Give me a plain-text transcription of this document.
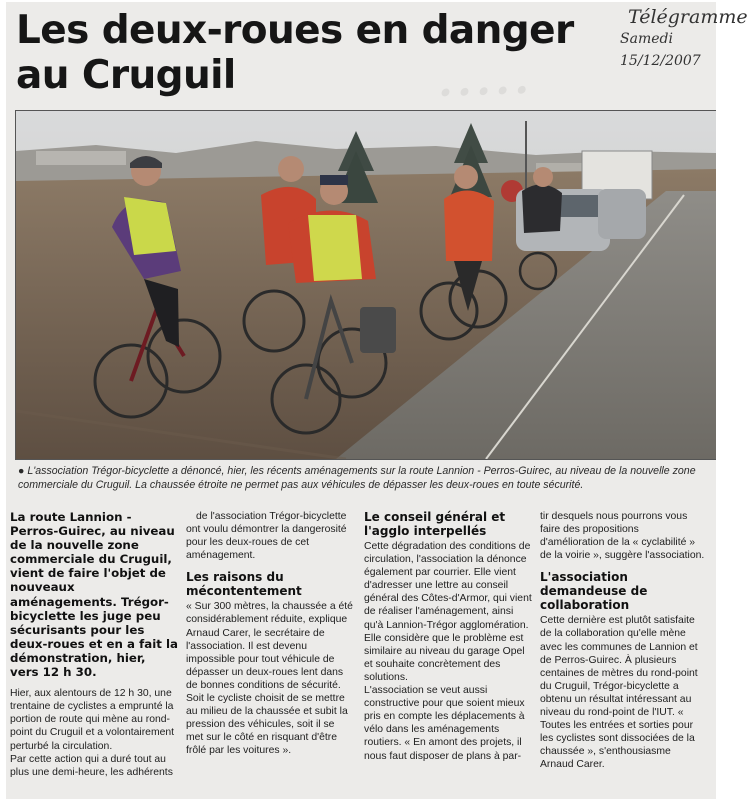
·····
Les deux-roues en danger
au Cruguil
● L'association Trégor-bicyclette a dénoncé, hier, les récents aménagements sur la route Lannion - Perros-Guirec, au niveau de la nouvelle zone commerciale du Cruguil. La chaussée étroite ne permet pas aux véhicules de dépasser les deux-roues en toute sécurité.

La route Lannion - Perros-Guirec, au niveau de la nouvelle zone commerciale du Cruguil, vient de faire l'objet de nouveaux aménagements. Trégor-bicyclette les juge peu sécurisants pour les deux-roues et en a fait la démonstration, hier, vers 12 h 30.

Hier, aux alentours de 12 h 30, une trentaine de cyclistes a emprunté la portion de route qui mène au rond-point du Cruguil et a volontairement perturbé la circulation.

Par cette action qui a duré tout au plus une demi-heure, les adhérents

de l'association Trégor-bicyclette ont voulu démontrer la dangerosité pour les deux-roues de cet aménagement.

Les raisons du mécontentement

« Sur 300 mètres, la chaussée a été considérablement réduite, explique Arnaud Carer, le secrétaire de l'association. Il est devenu impossible pour tout véhicule de dépasser un deux-roues lent dans de bonnes conditions de sécurité. Soit le cycliste choisit de se mettre au milieu de la chaussée et subit la pression des véhicules, soit il se met sur le côté en risquant d'être frôlé par les voitures ».

Le conseil général et l'agglo interpellés

Cette dégradation des conditions de circulation, l'association la dénonce également par courrier. Elle vient d'adresser une lettre au conseil général des Côtes-d'Armor, qui vient de réaliser l'aménagement, ainsi qu'à Lannion-Trégor agglomération. Elle considère que le problème est similaire au niveau du garage Opel et souhaite concrètement des solutions.

L'association se veut aussi constructive pour que soient mieux pris en compte les déplacements à vélo dans les aménagements routiers. « En amont des projets, il nous faut disposer de plans à par-

tir desquels nous pourrons vous faire des propositions d'amélioration de la « cyclabilité » de la voirie », suggère l'association.

L'association demandeuse de collaboration

Cette dernière est plutôt satisfaite de la collaboration qu'elle mène avec les communes de Lannion et de Perros-Guirec. À plusieurs centaines de mètres du rond-point du Cruguil, Trégor-bicyclette a obtenu un résultat intéressant au niveau du rond-point de l'IUT. « Toutes les entrées et sorties pour les cyclistes sont dissociées de la chaussée », s'enthousiasme Arnaud Carer.

Télégramme
Samedi 15/12/2007
